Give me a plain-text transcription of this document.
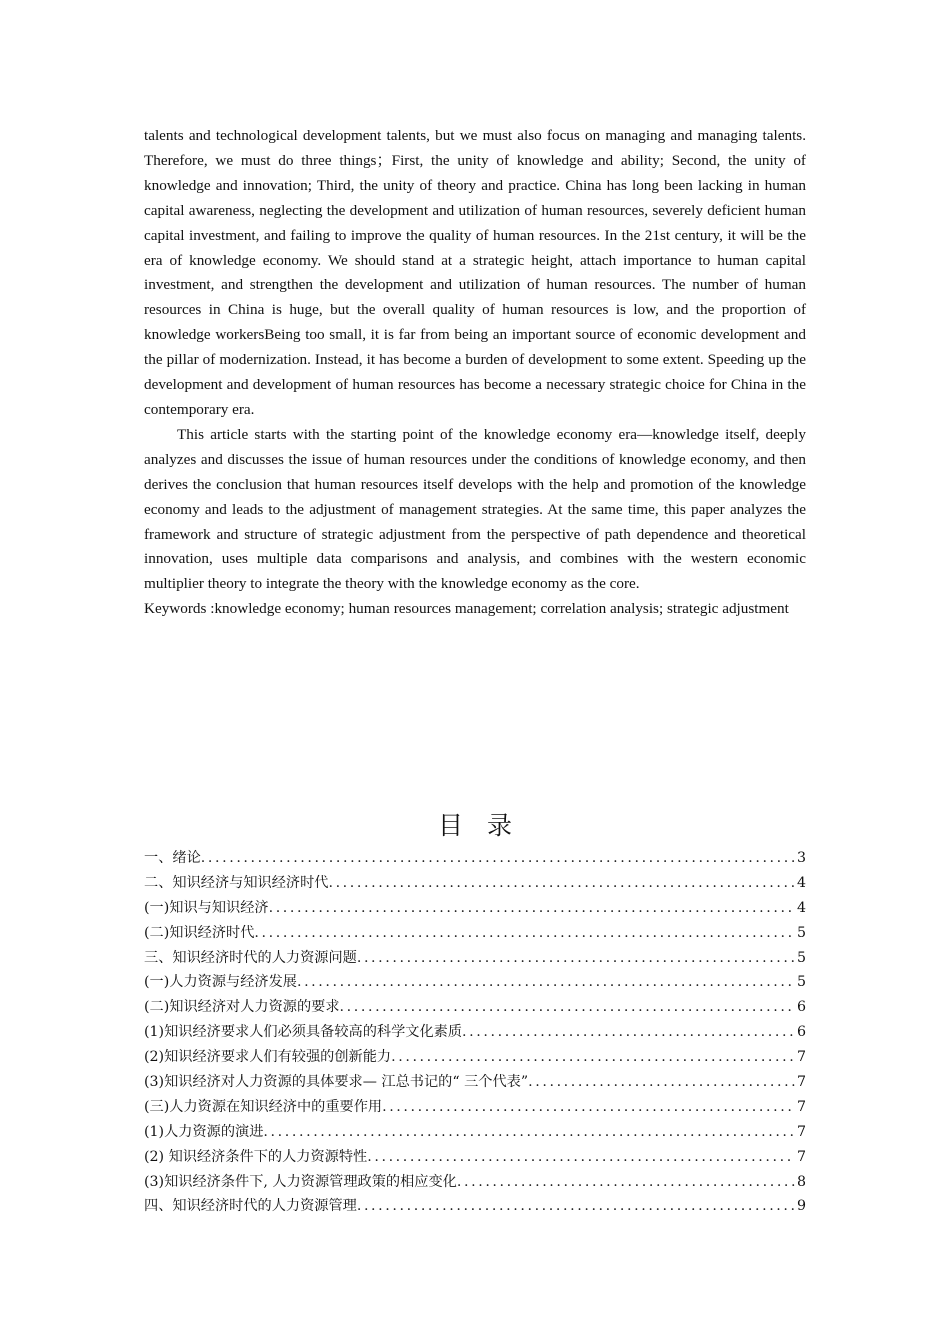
talents and technological development talents, but we must also focus on managing and managing talents. Therefore, we must do three things；First, the unity of knowledge and ability; Second, the unity of knowledge and innovation; Third, the unity of theory and practice. China has long been lacking in human capital awareness, neglecting the development and utilization of human resources, severely deficient human capital investment, and failing to improve the quality of human resources. In the 21st century, it will be the era of knowledge economy. We should stand at a strategic height, attach importance to human capital investment, and strengthen the development and utilization of human resources. The number of human resources in China is huge, but the overall quality of human resources is low, and the proportion of knowledge workersBeing too small, it is far from being an important source of economic development and the pillar of modernization. Instead, it has become a burden of development to some extent. Speeding up the development and development of human resources has become a necessary strategic choice for China in the contemporary era.

This article starts with the starting point of the knowledge economy era—knowledge itself, deeply analyzes and discusses the issue of human resources under the conditions of knowledge economy, and then derives the conclusion that human resources itself develops with the help and promotion of the knowledge economy and leads to the adjustment of management strategies. At the same time, this paper analyzes the framework and structure of strategic adjustment from the perspective of path dependence and theoretical innovation, uses multiple data comparisons and analysis, and combines with the western economic multiplier theory to integrate the theory with the knowledge economy as the core.

Keywords :knowledge economy; human resources management; correlation analysis; strategic adjustment

目录
一、绪论 .....	3
二、知识经济与知识经济时代 .....	4
(一)知识与知识经济 .....	4
(二)知识经济时代 .....	5
三、知识经济时代的人力资源问题 .....	5
(一)人力资源与经济发展 .....	5
(二)知识经济对人力资源的要求 .....	6
(1)知识经济要求人们必须具备较高的科学文化素质 .....	6
(2)知识经济要求人们有较强的创新能力 .....	7
(3)知识经济对人力资源的具体要求— 江总书记的“ 三个代表” .....	7
(三)人力资源在知识经济中的重要作用 .....	7
(1)人力资源的演进 .....	7
(2) 知识经济条件下的人力资源特性 .....	7
(3)知识经济条件下, 人力资源管理政策的相应变化 .....	8
四、知识经济时代的人力资源管理 .....	9
